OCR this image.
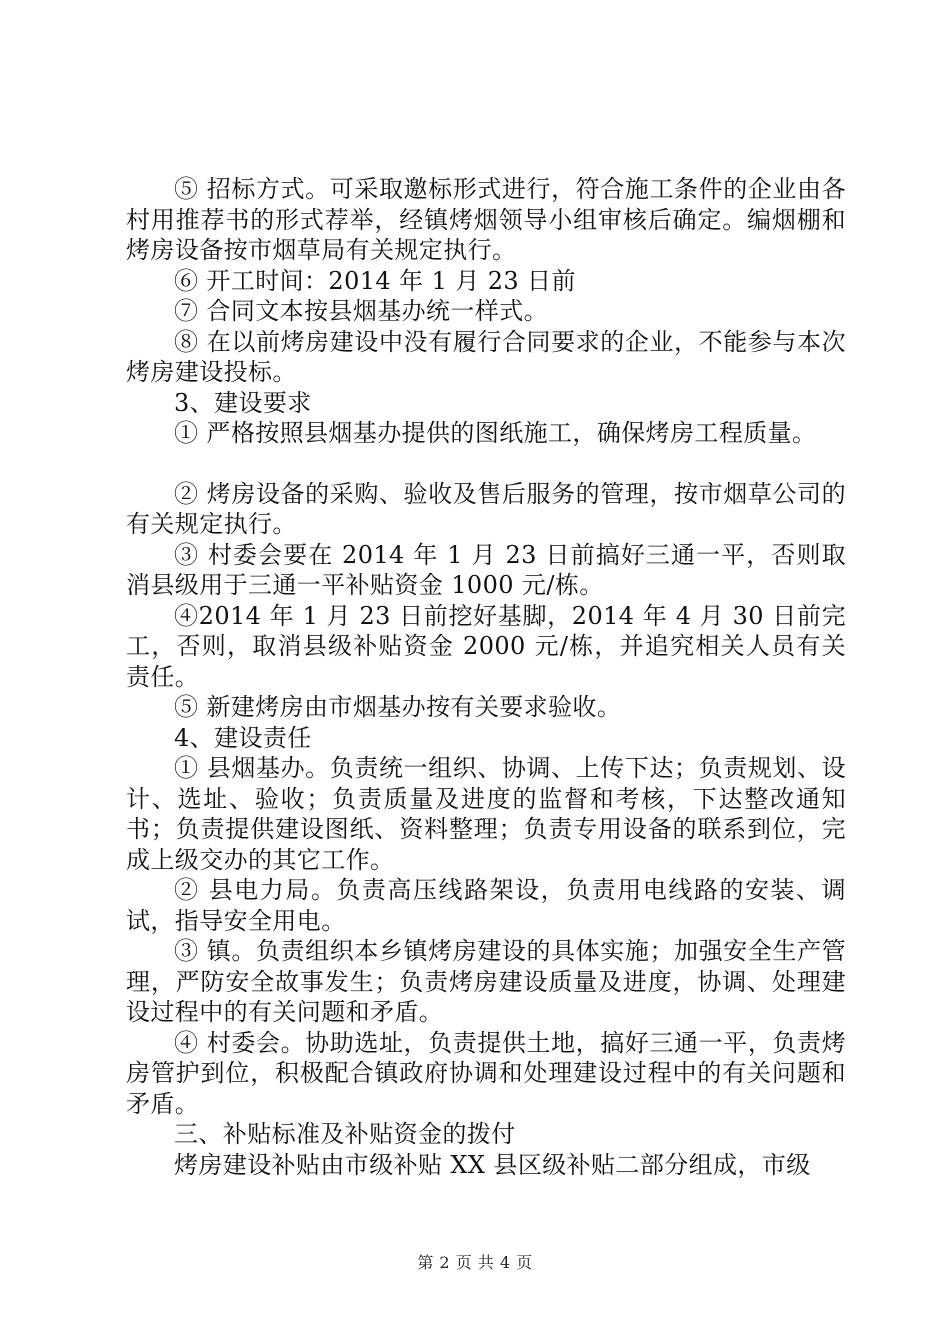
⑤ 招标方式。可采取邀标形式进行，符合施工条件的企业由各村用推荐书的形式荐举，经镇烤烟领导小组审核后确定。编烟棚和烤房设备按市烟草局有关规定执行。

⑥ 开工时间：2014 年 1 月 23 日前

⑦ 合同文本按县烟基办统一样式。

⑧ 在以前烤房建设中没有履行合同要求的企业，不能参与本次烤房建设投标。

3、建设要求

① 严格按照县烟基办提供的图纸施工，确保烤房工程质量。

② 烤房设备的采购、验收及售后服务的管理，按市烟草公司的有关规定执行。

③ 村委会要在 2014 年 1 月 23 日前搞好三通一平，否则取消县级用于三通一平补贴资金 1000 元/栋。

④2014 年 1 月 23 日前挖好基脚，2014 年 4 月 30 日前完工，否则，取消县级补贴资金 2000 元/栋，并追究相关人员有关责任。

⑤ 新建烤房由市烟基办按有关要求验收。

4、建设责任

① 县烟基办。负责统一组织、协调、上传下达；负责规划、设计、选址、验收；负责质量及进度的监督和考核，下达整改通知书；负责提供建设图纸、资料整理；负责专用设备的联系到位，完成上级交办的其它工作。

② 县电力局。负责高压线路架设，负责用电线路的安装、调试，指导安全用电。

③ 镇。负责组织本乡镇烤房建设的具体实施；加强安全生产管理，严防安全故事发生；负责烤房建设质量及进度，协调、处理建设过程中的有关问题和矛盾。

④ 村委会。协助选址，负责提供土地，搞好三通一平，负责烤房管护到位，积极配合镇政府协调和处理建设过程中的有关问题和矛盾。

三、补贴标准及补贴资金的拨付

烤房建设补贴由市级补贴 XX 县区级补贴二部分组成，市级

第 2 页 共 4 页
